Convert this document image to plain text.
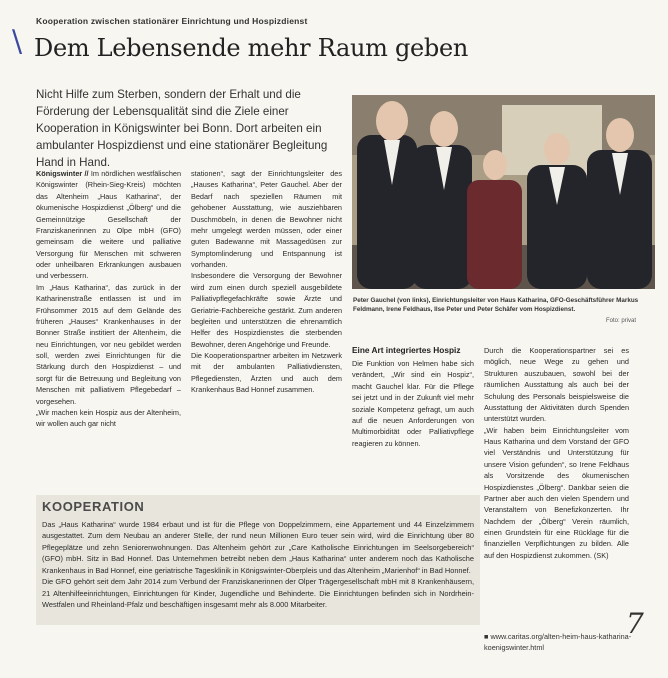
\
Kooperation zwischen stationärer Einrichtung und Hospizdienst
Dem Lebensende mehr Raum geben
Nicht Hilfe zum Sterben, sondern der Erhalt und die Förderung der Lebensqualität sind die Ziele einer Kooperation in Königswinter bei Bonn. Dort arbeiten ein ambulanter Hospizdienst und eine stationärer Begleitung Hand in Hand.

Königswinter // Im nördlichen westfälischen Königswinter (Rhein-Sieg-Kreis) möchten das Altenheim „Haus Katharina“, der ökumenische Hospizdienst „Ölberg“ und die Gemeinnützige Gesellschaft der Franziskanerinnen zu Olpe mbH (GFO) gemeinsam die weitere und palliative Versorgung für Menschen mit schweren oder unheilbaren Erkrankungen ausbauen und verbessern.

Im „Haus Katharina“, das zurück in der Katharinenstraße entlassen ist und im Frühsommer 2015 auf dem Gelände des früheren „Hauses“ Krankenhauses in der Bonner Straße institiert der Altenheim, die neu Einrichtungen, vor neu gebildet werden soll, werden zwei Einrichtungen für die Stärkung durch den Hospizdienst – und sorgt für die Betreuung und Begleitung von Menschen mit palliativem Pflegebedarf – vorgesehen.

„Wir machen kein Hospiz aus der Altenheim, wir wollen auch gar nicht

stationen“, sagt der Einrichtungsleiter des „Hauses Katharina“, Peter Gauchel. Aber der Bedarf nach speziellen Räumen mit gehobener Ausstattung, wie ausziehbaren Duschmöbeln, in denen die Bewohner nicht mehr umgelegt werden müssen, oder einer guten Badewanne mit Massagedüsen zur Symptomlinderung und Entspannung ist vorhanden.

Insbesondere die Versorgung der Bewohner wird zum einen durch speziell ausgebildete Palliativpflegefachkräfte sowie Ärzte und Geriatrie-Fachbereiche gestärkt. Zum anderen begleiten und unterstützen die ehrenamtlich Helfer des Hospizdienstes die sterbenden Bewohner, deren Angehörige und Freunde.

Die Kooperationspartner arbeiten im Netzwerk mit der ambulanten Palliativdiensten, Pflegediensten, Ärzten und auch dem Krankenhaus Bad Honnef zusammen.

Peter Gauchel (von links), Einrichtungsleiter von Haus Katharina, GFO-Geschäftsführer Markus Feldmann, Irene Feldhaus, Ilse Peter und Peter Schäfer vom Hospizdienst.
Foto: privat
Eine Art integriertes Hospiz

Die Funktion von Helmen habe sich verändert, „Wir sind ein Hospiz“, macht Gauchel klar. Für die Pflege sei jetzt und in der Zukunft viel mehr soziale Kompetenz gefragt, um auch auf die neuen Anforderungen von Multimorbidität oder Palliativpflege reagieren zu können.

Durch die Kooperationspartner sei es möglich, neue Wege zu gehen und Strukturen auszubauen, sowohl bei der räumlichen Ausstattung als auch bei der Schulung des Personals beispielsweise die Ausstattung der Aktivitäten durch Spenden unterstützt wurden.

„Wir haben beim Einrichtungsleiter vom Haus Katharina und dem Vorstand der GFO viel Verständnis und Unterstützung für unsere Vision gefunden“, so Irene Feldhaus als Vorsitzende des ökumenischen Hospizdienstes „Ölberg“. Dankbar seien die Partner aber auch den vielen Spendern und Veranstaltern von Benefizkonzerten. Ihr Nachdem der „Ölberg“ Verein räumlich, einen Grundstein für eine Rücklage für die finanziellen Verpflichtungen zu bilden. Alle auf den Hospizdienst zukommen. (SK)

KOOPERATION

Das „Haus Katharina“ wurde 1984 erbaut und ist für die Pflege von Doppelzimmern, eine Appartement und 44 Einzelzimmern ausgestattet. Zum dem Neubau an anderer Stelle, der rund neun Millionen Euro teuer sein wird, wird die Einrichtung über 80 Pflegeplätze und zehn Seniorenwohnungen. Das Altenheim gehört zur „Care Katholische Einrichtungen im Seelsorgebereich“ (GFO) mbH. Sitz in Bad Honnef. Das Unternehmen betreibt neben dem „Haus Katharina“ unter anderem noch das Katholische Krankenhaus in Bad Honnef, eine geriatrische Tagesklinik in Königswinter-Oberpleis und das Altenheim „Marienhof“ in Bad Honnef.

Die GFO gehört seit dem Jahr 2014 zum Verbund der Franziskanerinnen der Olper Trägergesellschaft mbH mit 8 Krankenhäusern, 21 Altenhilfeeinrichtungen, Einrichtungen für Kinder, Jugendliche und Behinderte. Die Einrichtungen befinden sich in Nordrhein-Westfalen und Rheinland-Pfalz und beschäftigen insgesamt mehr als 8.000 Mitarbeiter.

■ www.caritas.org/alten-heim-haus-katharina-koenigswinter.html
7
